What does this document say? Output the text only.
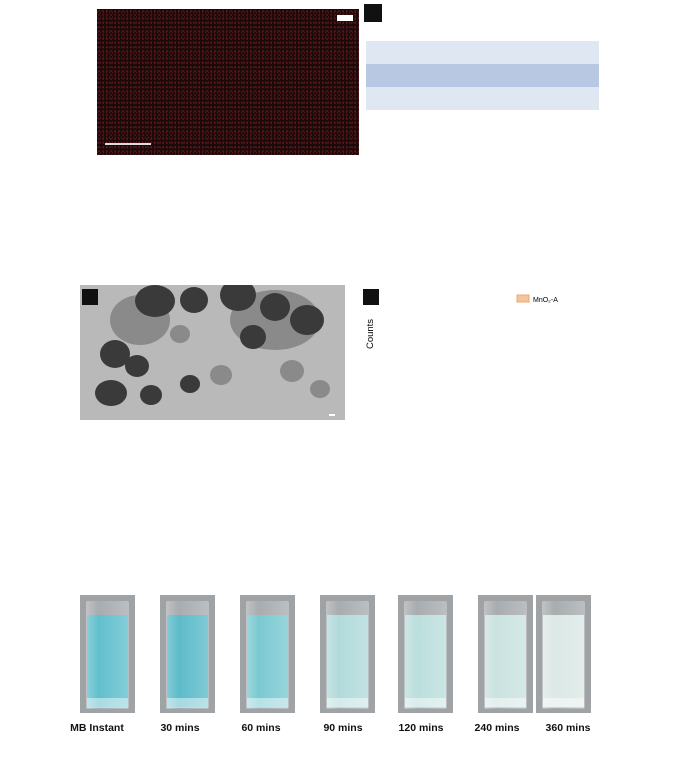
Counts
MnO₂-A
MB Instant	30 mins	60 mins	90 mins	120 mins	240 mins	360 mins
